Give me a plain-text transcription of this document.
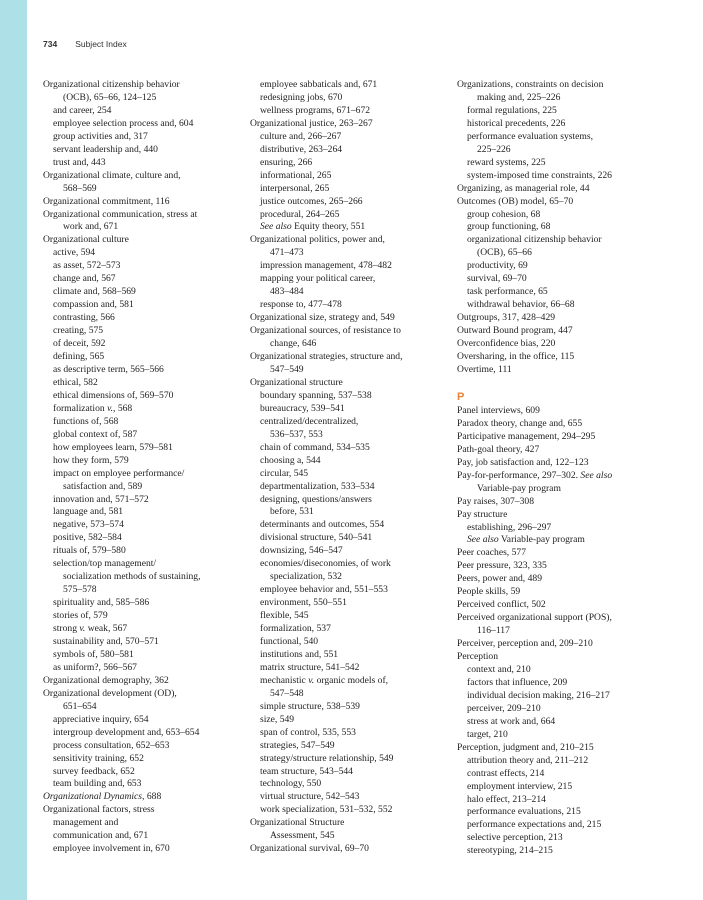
734 Subject Index
Organizational citizenship behavior
(OCB), 65–66, 124–125
and career, 254
employee selection process and, 604
group activities and, 317
servant leadership and, 440
trust and, 443
Organizational climate, culture and,
568–569
Organizational commitment, 116
Organizational communication, stress at
work and, 671
Organizational culture
active, 594
as asset, 572–573
change and, 567
climate and, 568–569
compassion and, 581
contrasting, 566
creating, 575
of deceit, 592
defining, 565
as descriptive term, 565–566
ethical, 582
ethical dimensions of, 569–570
formalization v., 568
functions of, 568
global context of, 587
how employees learn, 579–581
how they form, 579
impact on employee performance/
satisfaction and, 589
innovation and, 571–572
language and, 581
negative, 573–574
positive, 582–584
rituals of, 579–580
selection/top management/
socialization methods of sustaining,
575–578
spirituality and, 585–586
stories of, 579
strong v. weak, 567
sustainability and, 570–571
symbols of, 580–581
as uniform?, 566–567
Organizational demography, 362
Organizational development (OD),
651–654
appreciative inquiry, 654
intergroup development and, 653–654
process consultation, 652–653
sensitivity training, 652
survey feedback, 652
team building and, 653
Organizational Dynamics, 688
Organizational factors, stress
management and
communication and, 671
employee involvement in, 670
employee sabbaticals and, 671
redesigning jobs, 670
wellness programs, 671–672
Organizational justice, 263–267
culture and, 266–267
distributive, 263–264
ensuring, 266
informational, 265
interpersonal, 265
justice outcomes, 265–266
procedural, 264–265
See also Equity theory, 551
Organizational politics, power and,
471–473
impression management, 478–482
mapping your political career,
483–484
response to, 477–478
Organizational size, strategy and, 549
Organizational sources, of resistance to
change, 646
Organizational strategies, structure and,
547–549
Organizational structure
boundary spanning, 537–538
bureaucracy, 539–541
centralized/decentralized,
536–537, 553
chain of command, 534–535
choosing a, 544
circular, 545
departmentalization, 533–534
designing, questions/answers
before, 531
determinants and outcomes, 554
divisional structure, 540–541
downsizing, 546–547
economies/diseconomies, of work
specialization, 532
employee behavior and, 551–553
environment, 550–551
flexible, 545
formalization, 537
functional, 540
institutions and, 551
matrix structure, 541–542
mechanistic v. organic models of,
547–548
simple structure, 538–539
size, 549
span of control, 535, 553
strategies, 547–549
strategy/structure relationship, 549
team structure, 543–544
technology, 550
virtual structure, 542–543
work specialization, 531–532, 552
Organizational Structure
Assessment, 545
Organizational survival, 69–70
Organizations, constraints on decision
making and, 225–226
formal regulations, 225
historical precedents, 226
performance evaluation systems,
225–226
reward systems, 225
system-imposed time constraints, 226
Organizing, as managerial role, 44
Outcomes (OB) model, 65–70
group cohesion, 68
group functioning, 68
organizational citizenship behavior
(OCB), 65–66
productivity, 69
survival, 69–70
task performance, 65
withdrawal behavior, 66–68
Outgroups, 317, 428–429
Outward Bound program, 447
Overconfidence bias, 220
Oversharing, in the office, 115
Overtime, 111
P
Panel interviews, 609
Paradox theory, change and, 655
Participative management, 294–295
Path-goal theory, 427
Pay, job satisfaction and, 122–123
Pay-for-performance, 297–302. See also
Variable-pay program
Pay raises, 307–308
Pay structure
establishing, 296–297
See also Variable-pay program
Peer coaches, 577
Peer pressure, 323, 335
Peers, power and, 489
People skills, 59
Perceived conflict, 502
Perceived organizational support (POS),
116–117
Perceiver, perception and, 209–210
Perception
context and, 210
factors that influence, 209
individual decision making, 216–217
perceiver, 209–210
stress at work and, 664
target, 210
Perception, judgment and, 210–215
attribution theory and, 211–212
contrast effects, 214
employment interview, 215
halo effect, 213–214
performance evaluations, 215
performance expectations and, 215
selective perception, 213
stereotyping, 214–215
